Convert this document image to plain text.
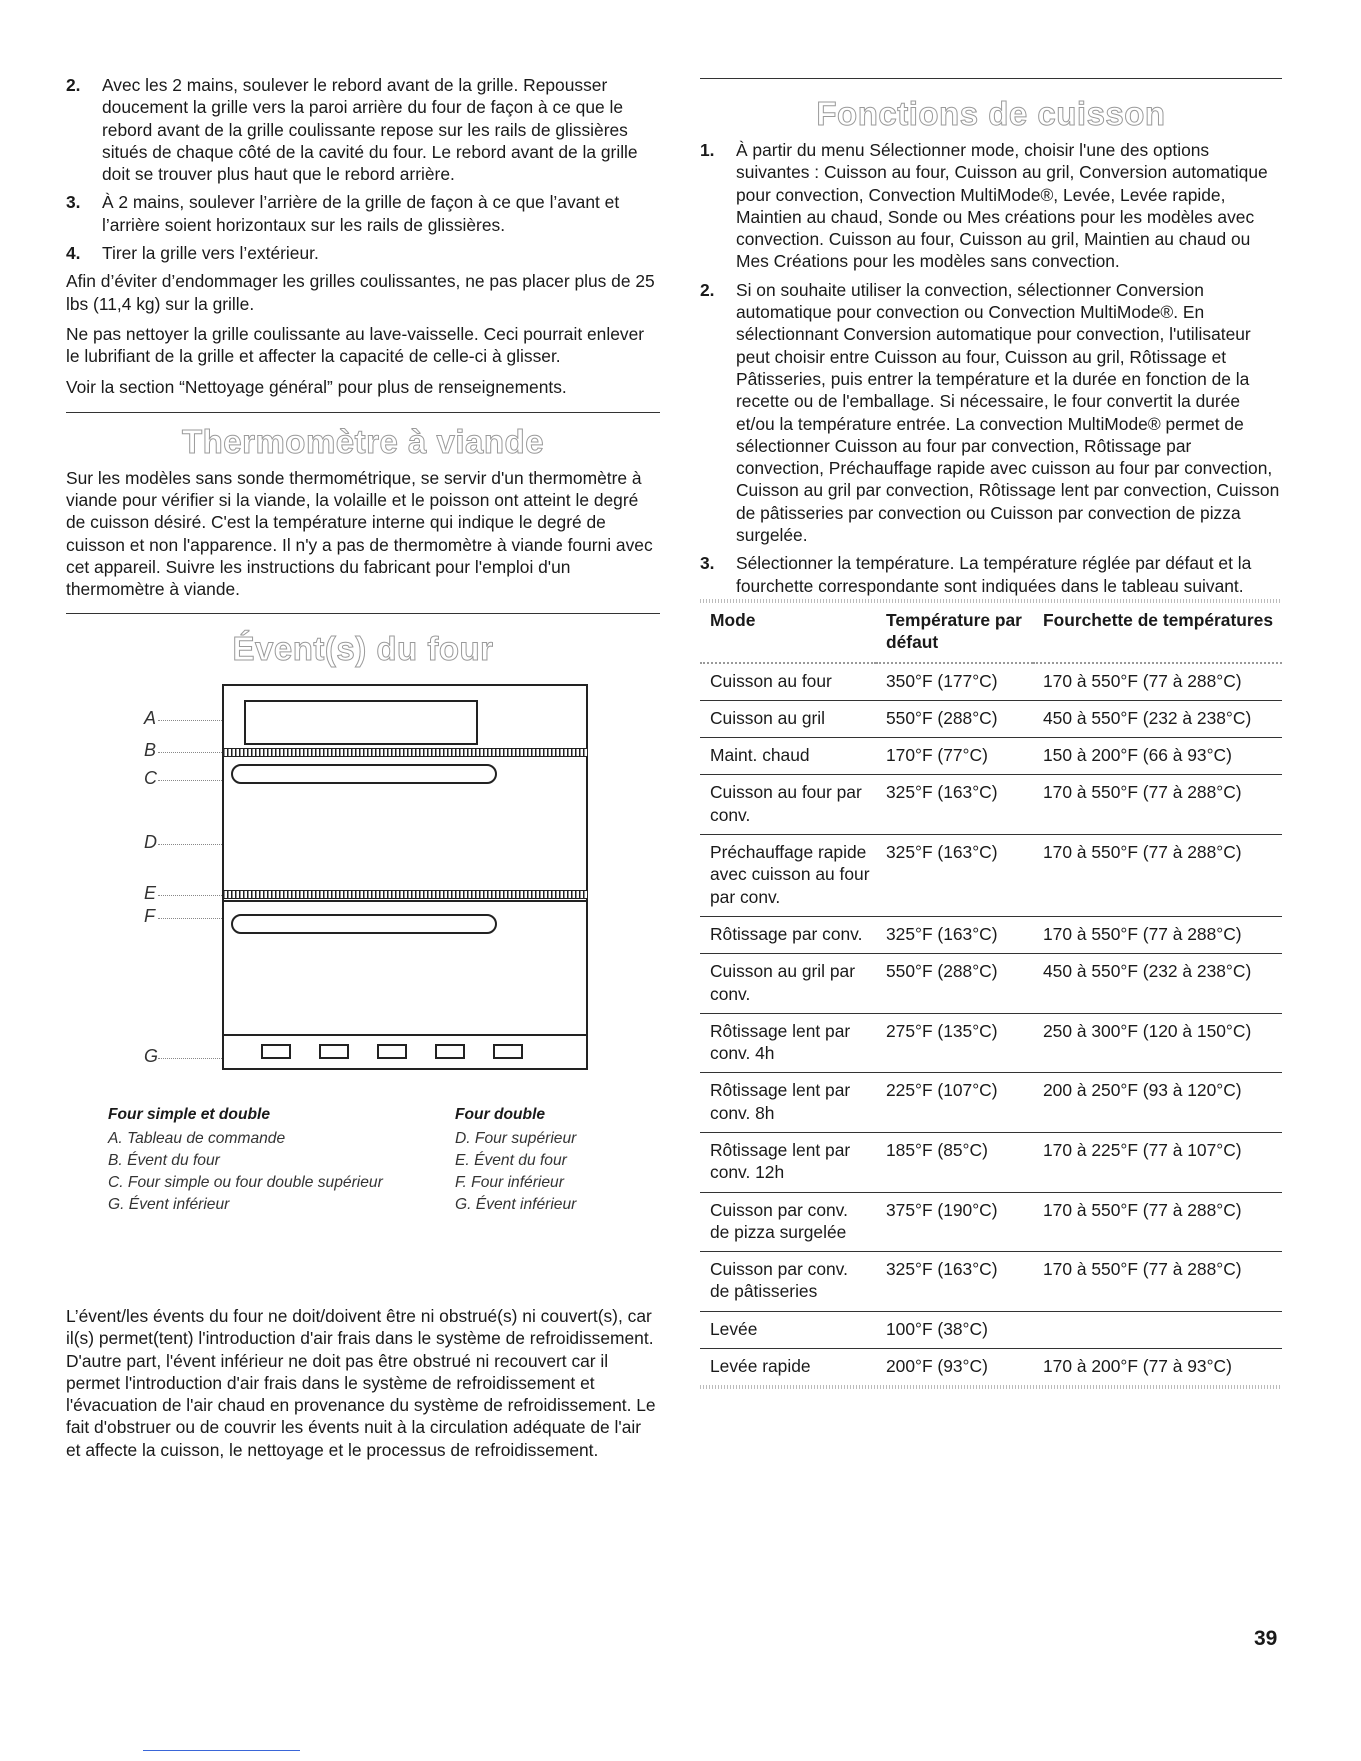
2. Avec les 2 mains, soulever le rebord avant de la grille. Repousser doucement la grille vers la paroi arrière du four de façon à ce que le rebord avant de la grille coulissante repose sur les rails de glissières situés de chaque côté de la cavité du four. Le rebord avant de la grille doit se trouver plus haut que le rebord arrière.
3. À 2 mains, soulever l’arrière de la grille de façon à ce que l’avant et l’arrière soient horizontaux sur les rails de glissières.
4. Tirer la grille vers l’extérieur.

Afin d’éviter d’endommager les grilles coulissantes, ne pas placer plus de 25 lbs (11,4 kg) sur la grille.

Ne pas nettoyer la grille coulissante au lave-vaisselle. Ceci pourrait enlever le lubrifiant de la grille et affecter la capacité de celle-ci à glisser.

Voir la section “Nettoyage général” pour plus de renseignements.

Thermomètre à viande

Sur les modèles sans sonde thermométrique, se servir d'un thermomètre à viande pour vérifier si la viande, la volaille et le poisson ont atteint le degré de cuisson désiré. C'est la température interne qui indique le degré de cuisson et non l'apparence. Il n'y a pas de thermomètre à viande fourni avec cet appareil. Suivre les instructions du fabricant pour l'emploi d'un thermomètre à viande.

Évent(s) du four
A
B
C
D
E
F
G
Four simple et double
A. Tableau de commande
B. Évent du four
C. Four simple ou four double supérieur
G. Évent inférieur
Four double
D. Four supérieur
E. Évent du four
F. Four inférieur
G. Évent inférieur

L’évent/les évents du four ne doit/doivent être ni obstrué(s) ni couvert(s), car il(s) permet(tent) l'introduction d'air frais dans le système de refroidissement. D'autre part, l'évent inférieur ne doit pas être obstrué ni recouvert car il permet l'introduction d'air frais dans le système de refroidissement et l'évacuation de l'air chaud en provenance du système de refroidissement. Le fait d'obstruer ou de couvrir les évents nuit à la circulation adéquate de l'air et affecte la cuisson, le nettoyage et le processus de refroidissement.

Fonctions de cuisson
1. À partir du menu Sélectionner mode, choisir l'une des options suivantes : Cuisson au four, Cuisson au gril, Conversion automatique pour convection, Convection MultiMode®, Levée, Levée rapide, Maintien au chaud, Sonde ou Mes créations pour les modèles avec convection. Cuisson au four, Cuisson au gril, Maintien au chaud ou Mes Créations pour les modèles sans convection.
2. Si on souhaite utiliser la convection, sélectionner Conversion automatique pour convection ou Convection MultiMode®. En sélectionnant Conversion automatique pour convection, l'utilisateur peut choisir entre Cuisson au four, Cuisson au gril, Rôtissage et Pâtisseries, puis entrer la température et la durée en fonction de la recette ou de l'emballage. Si nécessaire, le four convertit la durée et/ou la température entrée. La convection MultiMode® permet de sélectionner Cuisson au four par convection, Rôtissage par convection, Préchauffage rapide avec cuisson au four par convection, Cuisson au gril par convection, Rôtissage lent par convection, Cuisson de pâtisseries par convection ou Cuisson par convection de pizza surgelée.
3. Sélectionner la température. La température réglée par défaut et la fourchette correspondante sont indiquées dans le tableau suivant.
Mode	Température par défaut	Fourchette de températures
Cuisson au four	350°F (177°C)	170 à 550°F (77 à 288°C)
Cuisson au gril	550°F (288°C)	450 à 550°F (232 à 238°C)
Maint. chaud	170°F (77°C)	150 à 200°F (66 à 93°C)
Cuisson au four par conv.	325°F (163°C)	170 à 550°F (77 à 288°C)
Préchauffage rapide avec cuisson au four par conv.	325°F (163°C)	170 à 550°F (77 à 288°C)
Rôtissage par conv.	325°F (163°C)	170 à 550°F (77 à 288°C)
Cuisson au gril par conv.	550°F (288°C)	450 à 550°F (232 à 238°C)
Rôtissage lent par conv. 4h	275°F (135°C)	250 à 300°F (120 à 150°C)
Rôtissage lent par conv. 8h	225°F (107°C)	200 à 250°F (93 à 120°C)
Rôtissage lent par conv. 12h	185°F (85°C)	170 à 225°F (77 à 107°C)
Cuisson par conv. de pizza surgelée	375°F (190°C)	170 à 550°F (77 à 288°C)
Cuisson par conv. de pâtisseries	325°F (163°C)	170 à 550°F (77 à 288°C)
Levée	100°F (38°C)	
Levée rapide	200°F (93°C)	170 à 200°F (77 à 93°C)
39
